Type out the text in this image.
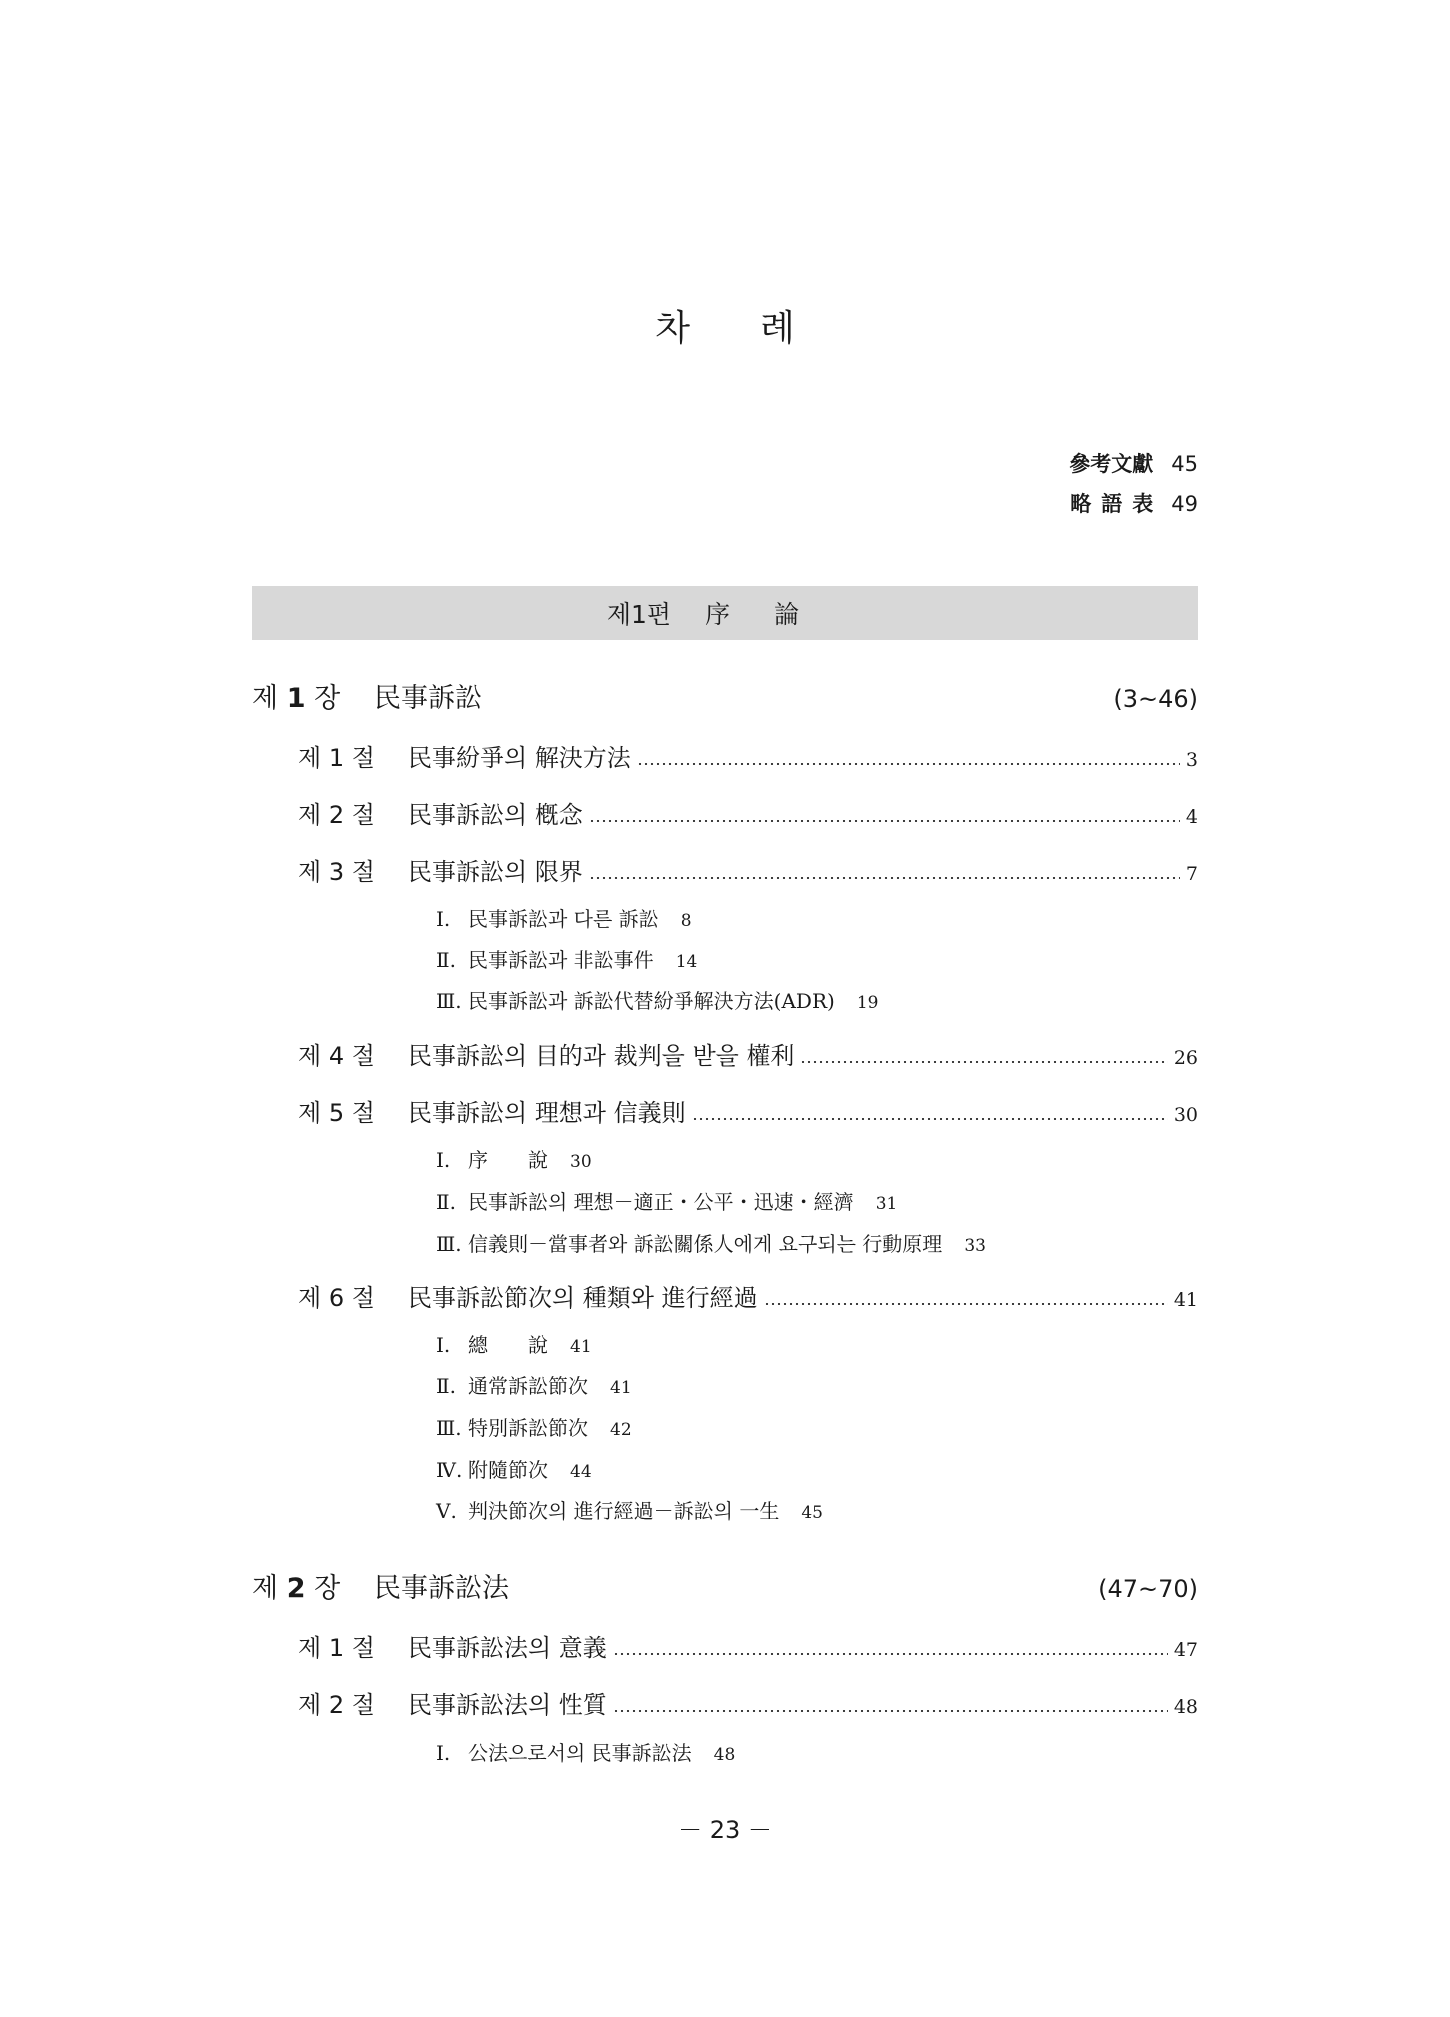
차례
參考文獻 45
略語表 49
제1편 序論
제 1 장	民事訴訟	(3~46)
제 1 절	民事紛爭의 解決方法	3
제 2 절	民事訴訟의 槪念	4
제 3 절	民事訴訟의 限界	7
Ⅰ. 民事訴訟과 다른 訴訟 8
Ⅱ. 民事訴訟과 非訟事件 14
Ⅲ. 民事訴訟과 訴訟代替紛爭解決方法(ADR) 19
제 4 절	民事訴訟의 目的과 裁判을 받을 權利	26
제 5 절	民事訴訟의 理想과 信義則	30
Ⅰ. 序　　說 30
Ⅱ. 民事訴訟의 理想－適正・公平・迅速・經濟 31
Ⅲ. 信義則－當事者와 訴訟關係人에게 요구되는 行動原理 33
제 6 절	民事訴訟節次의 種類와 進行經過	41
Ⅰ. 總　　說 41
Ⅱ. 通常訴訟節次 41
Ⅲ. 特別訴訟節次 42
Ⅳ. 附隨節次 44
Ⅴ. 判決節次의 進行經過－訴訟의 一生 45
제 2 장	民事訴訟法	(47~70)
제 1 절	民事訴訟法의 意義	47
제 2 절	民事訴訟法의 性質	48
Ⅰ. 公法으로서의 民事訴訟法 48
－ 23 －
